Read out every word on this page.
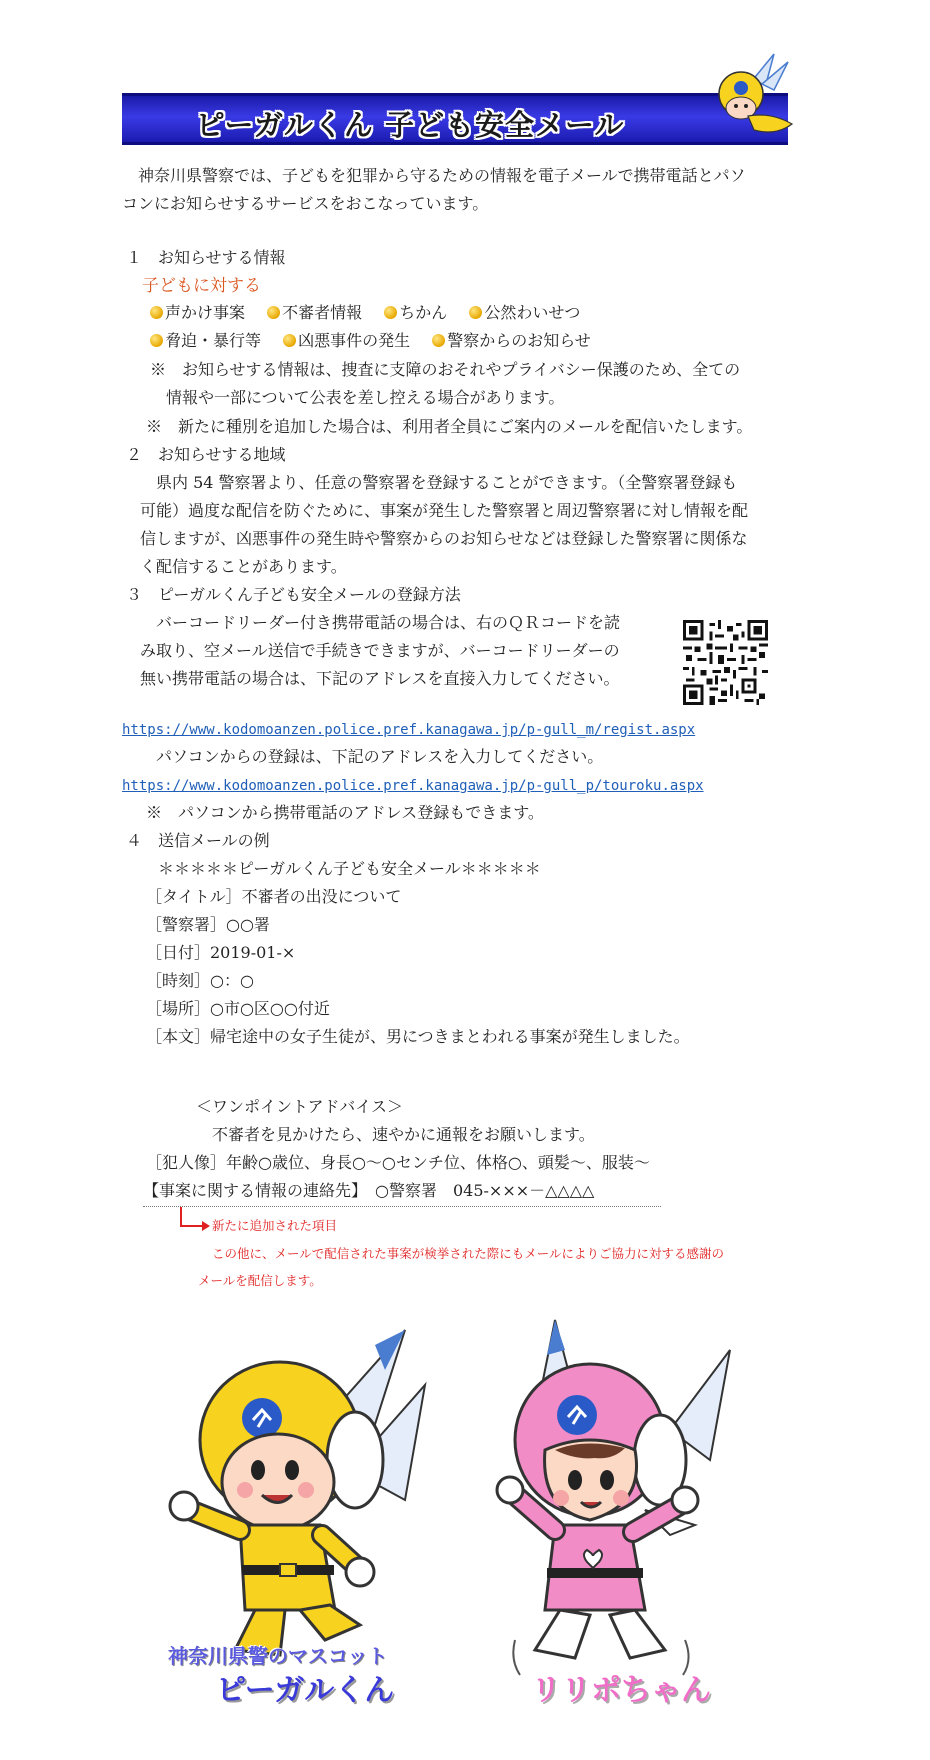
ピーガルくん 子ども安全メール
　神奈川県警察では、子どもを犯罪から守るための情報を電子メールで携帯電話とパソ
コンにお知らせするサービスをおこなっています。
１　お知らせする情報
子どもに対する
声かけ事案 不審者情報 ちかん 公然わいせつ
脅迫・暴行等 凶悪事件の発生 警察からのお知らせ
※　お知らせする情報は、捜査に支障のおそれやプライバシー保護のため、全ての
情報や一部について公表を差し控える場合があります。
※　新たに種別を追加した場合は、利用者全員にご案内のメールを配信いたします。
２　お知らせする地域
　県内 54 警察署より、任意の警察署を登録することができます。（全警察署登録も
可能）過度な配信を防ぐために、事案が発生した警察署と周辺警察署に対し情報を配
信しますが、凶悪事件の発生時や警察からのお知らせなどは登録した警察署に関係な
く配信することがあります。
３　ピーガルくん子ども安全メールの登録方法
　バーコードリーダー付き携帯電話の場合は、右のＱＲコードを読
み取り、空メール送信で手続きできますが、バーコードリーダーの
無い携帯電話の場合は、下記のアドレスを直接入力してください。
https://www.kodomoanzen.police.pref.kanagawa.jp/p-gull_m/regist.aspx
パソコンからの登録は、下記のアドレスを入力してください。
https://www.kodomoanzen.police.pref.kanagawa.jp/p-gull_p/touroku.aspx
※　パソコンから携帯電話のアドレス登録もできます。
４　送信メールの例
＊＊＊＊＊ピーガルくん子ども安全メール＊＊＊＊＊
［タイトル］不審者の出没について
［警察署］○○署
［日付］2019-01-×
［時刻］○：○
［場所］○市○区○○付近
［本文］帰宅途中の女子生徒が、男につきまとわれる事案が発生しました。
＜ワンポイントアドバイス＞
不審者を見かけたら、速やかに通報をお願いします。
［犯人像］年齢○歳位、身長○～○センチ位、体格○、頭髪～、服装～
【事案に関する情報の連絡先】　○警察署　045-×××－△△△△
新たに追加された項目
この他に、メールで配信された事案が検挙された際にもメールによりご協力に対する感謝の
メールを配信します。
神奈川県警のマスコット
ピーガルくん	リリポちゃん
